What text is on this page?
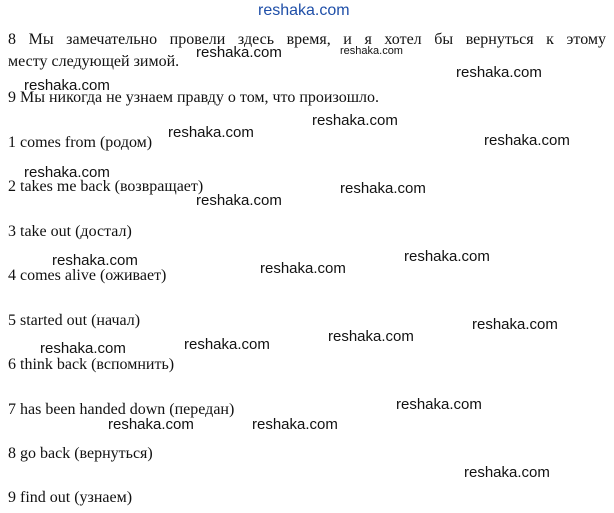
reshaka.com

8 Мы замечательно провели здесь время, и я хотел бы вернуться к этому

месту следующей зимой.

9 Мы никогда не узнаем правду о том, что произошло.

1 comes from (родом)

2 takes me back (возвращает)

3 take out (достал)

4 comes alive (оживает)

5 started out (начал)

6 think back (вспомнить)

7 has been handed down (передан)

8 go back (вернуться)

9 find out (узнаем)

reshaka.com	reshaka.com
reshaka.com
reshaka.com
reshaka.com
reshaka.com	reshaka.com
reshaka.com
reshaka.com
reshaka.com
reshaka.com
reshaka.com	reshaka.com
reshaka.com
reshaka.com
reshaka.com
reshaka.com
reshaka.com
reshaka.com	reshaka.com
reshaka.com
